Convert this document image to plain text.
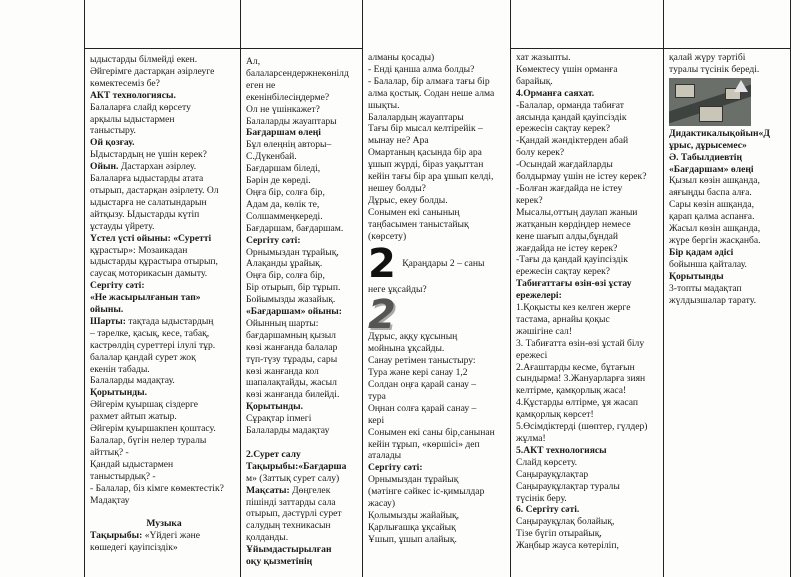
ыдыстарды білмейді екен.

Әйгерімге дастарқан әзірлеуге

көмектесеміз бе?

АКТ технологиясы.

Балаларға слайд көрсету

арқылы ыдыстармен

таныстыру.

Ой қозғау.

Ыдыстардың не үшін керек?

Ойын. Дастархан әзірлеу.

Балаларға ыдыстарды атата

отырып, дастарқан әзірлету. Ол

ыдыстарға не салатындарын

айтқызу. Ыдыстарды күтіп

ұстауды үйрету.

Үстел үсті ойыны: «Суретті

құрастыр»: Мозаикадан

ыдыстарды құрастыра отырып,

саусақ моторикасын дамыту.

Сергіту сәті:

«Не жасырылғанын тап»

ойыны.

Шарты: тақтада ыдыстардың

– тәрелке, қасық, кесе, табақ,

кастрөлдің суреттері ілулі тұр.

балалар қандай сурет жоқ

екенін табады.

Балаларды мадақтау.

Қорытынды.

Әйгерім қуыршақ сіздерге

рахмет айтып жатыр.

Әйгерім қуыршакпен қоштасу.

Балалар, бүгін нелер туралы

айттық? -

Қандай ыдыстармен

таныстырдық? -

- Балалар, біз кімге көмектестік?

Мадақтау

Музыка

Тақырыбы: «Үйдегі және

көшедегі қауіпсіздік»

Ал,

балаларсендержнекөнілд

еген не

екенінбілесіңдерме?

Ол не үшінкажет?

Балаларды жауаптары

Бағдаршам өлеңі

Бұл өлеңнің авторы–

С.Дүкенбай.

Бағдаршам біледі,

Бәрін де көреді.

Оңға бір, солға бір,

Адам да, көлік те,

Солшаммеңкереді.

Бағдаршам, бағдаршам.

Сергіту сәті:

Орнымыздан тұрайық,

Алақанды ұрайық.

Оңға бір, солға бір,

Бір отырып, бір тұрып.

Бойымызды жазайық.

«Бағдаршам» ойыны:

Ойынның шарты:

бағдаршамның қызыл

көзі жанғанда балалар

түп-түзу тұрады, сары

көзі жанғанда кол

шапалақтайды, жасыл

көзі жанғанда билейді.

Қорытынды.

Сұрақтар іпмегі

Балаларды мадақтау

2.Сурет салу

Тақырыбы:«Бағдарша

м» (Заттық сурет салу)

Мақсаты: Дөңгелек

пішінді заттарды сала

отырып, дәстүрлі сурет

салудың техникасын

қолданды.

Ұйымдастырылған

оқу қызметінің

алманы қосады)

- Енді қанша алма болды?

- Балалар, бір алмаға тағы бір

алма қостық. Содан неше алма

шықты.

Балалардың жауаптары

Тағы бір мысал келтірейік –

мынау не? Ара

Омартаның қасында бір ара

ұшып жүрді, біраз уақыттан

кейін тағы бір ара ұшып келді,

нешеу болды?

Дұрыс, екеу болды.

Сонымен екі санының

таңбасымен таныстайық

(көрсету)

2 Қараңдары 2 – саны

неге ұқсайды?

2

Дұрыс, аққу құсының

мойнына ұқсайды.

Санау ретімен таныстыру:

Тура және кері санау 1,2

Солдан оңға қарай санау –

тура

Оңнан солға қарай санау –

кері

Сонымен екі саны бір,санынан

кейін тұрып, «көршісі» деп

аталады

Сергіту сәті:

Орнымыздан тұрайық

(мәтінге сәйкес іс-қимылдар

жасау)

Қолымызды жайайық,

Қарлығашқа ұқсайық

Ұшып, ұшып алайық.

хат жазыпты.

Көмектесу үшін орманға

барайық.

4.Орманға саяхат.

-Балалар, орманда табиғат

аясында қандай қауіпсіздік

ережесін сақтау керек?

-Қандай жәндіктерден абай

болу керек?

-Осындай жағдайларды

болдырмау үшін не істеу керек?

-Болған жағдайда не істеу

керек?

Мысалы,оттың даулап жаныи

жатқанын көрдіңдер немесе

кене шағып алды,бұндай

жағдайда не істеу керек?

-Тағы да қандай қауіпсіздік

ережесін сақтау керек?

Табиғаттағы өзін-өзі ұстау

ережелері:

1.Қоқысты кез келген жерге

тастама, арнайы қоқыс

жәшігіне сал!

3. Табиғатта өзін-өзі ұстай білу

ережесі

2.Ағаштарды кесме, бұтағын

сындырма! 3.Жануарларға зиян

келтірме, қамқорлық жаса!

4.Құстарды өлтірме, ұя жасап

қамқорлық көрсет!

5.Өсімдіктерді (шөптер, гүлдер)

жұлма!

5.АКТ технологиясы

Слайд көрсету.

Саңырауқұлақтар

Саңырауқұлақтар туралы

түсінік беру.

6. Сергіту сәті.

Саңырауқұлақ болайық,

Тізе бүгіп отырайық,

Жаңбыр жауса көтеріліп,

қалай жүру тәртібі

туралы түсінік береді.

Дидактикалықойын«Д

ұрыс, дұрысемес»

Ә. Табылдиевтің

«Бағдаршам» өлеңі

Қызыл көзін ашқанда,

аяғыңды баспа алға.

Сары көзін ашқанда,

қарап қалма аспанға.

Жасыл көзін ашқанда,

жүре бергін жасқанба.

Бір қадам әдісі

бойынша қайталау.

Қорытынды

3-топты мадақтап

жүлдызшалар тарату.
